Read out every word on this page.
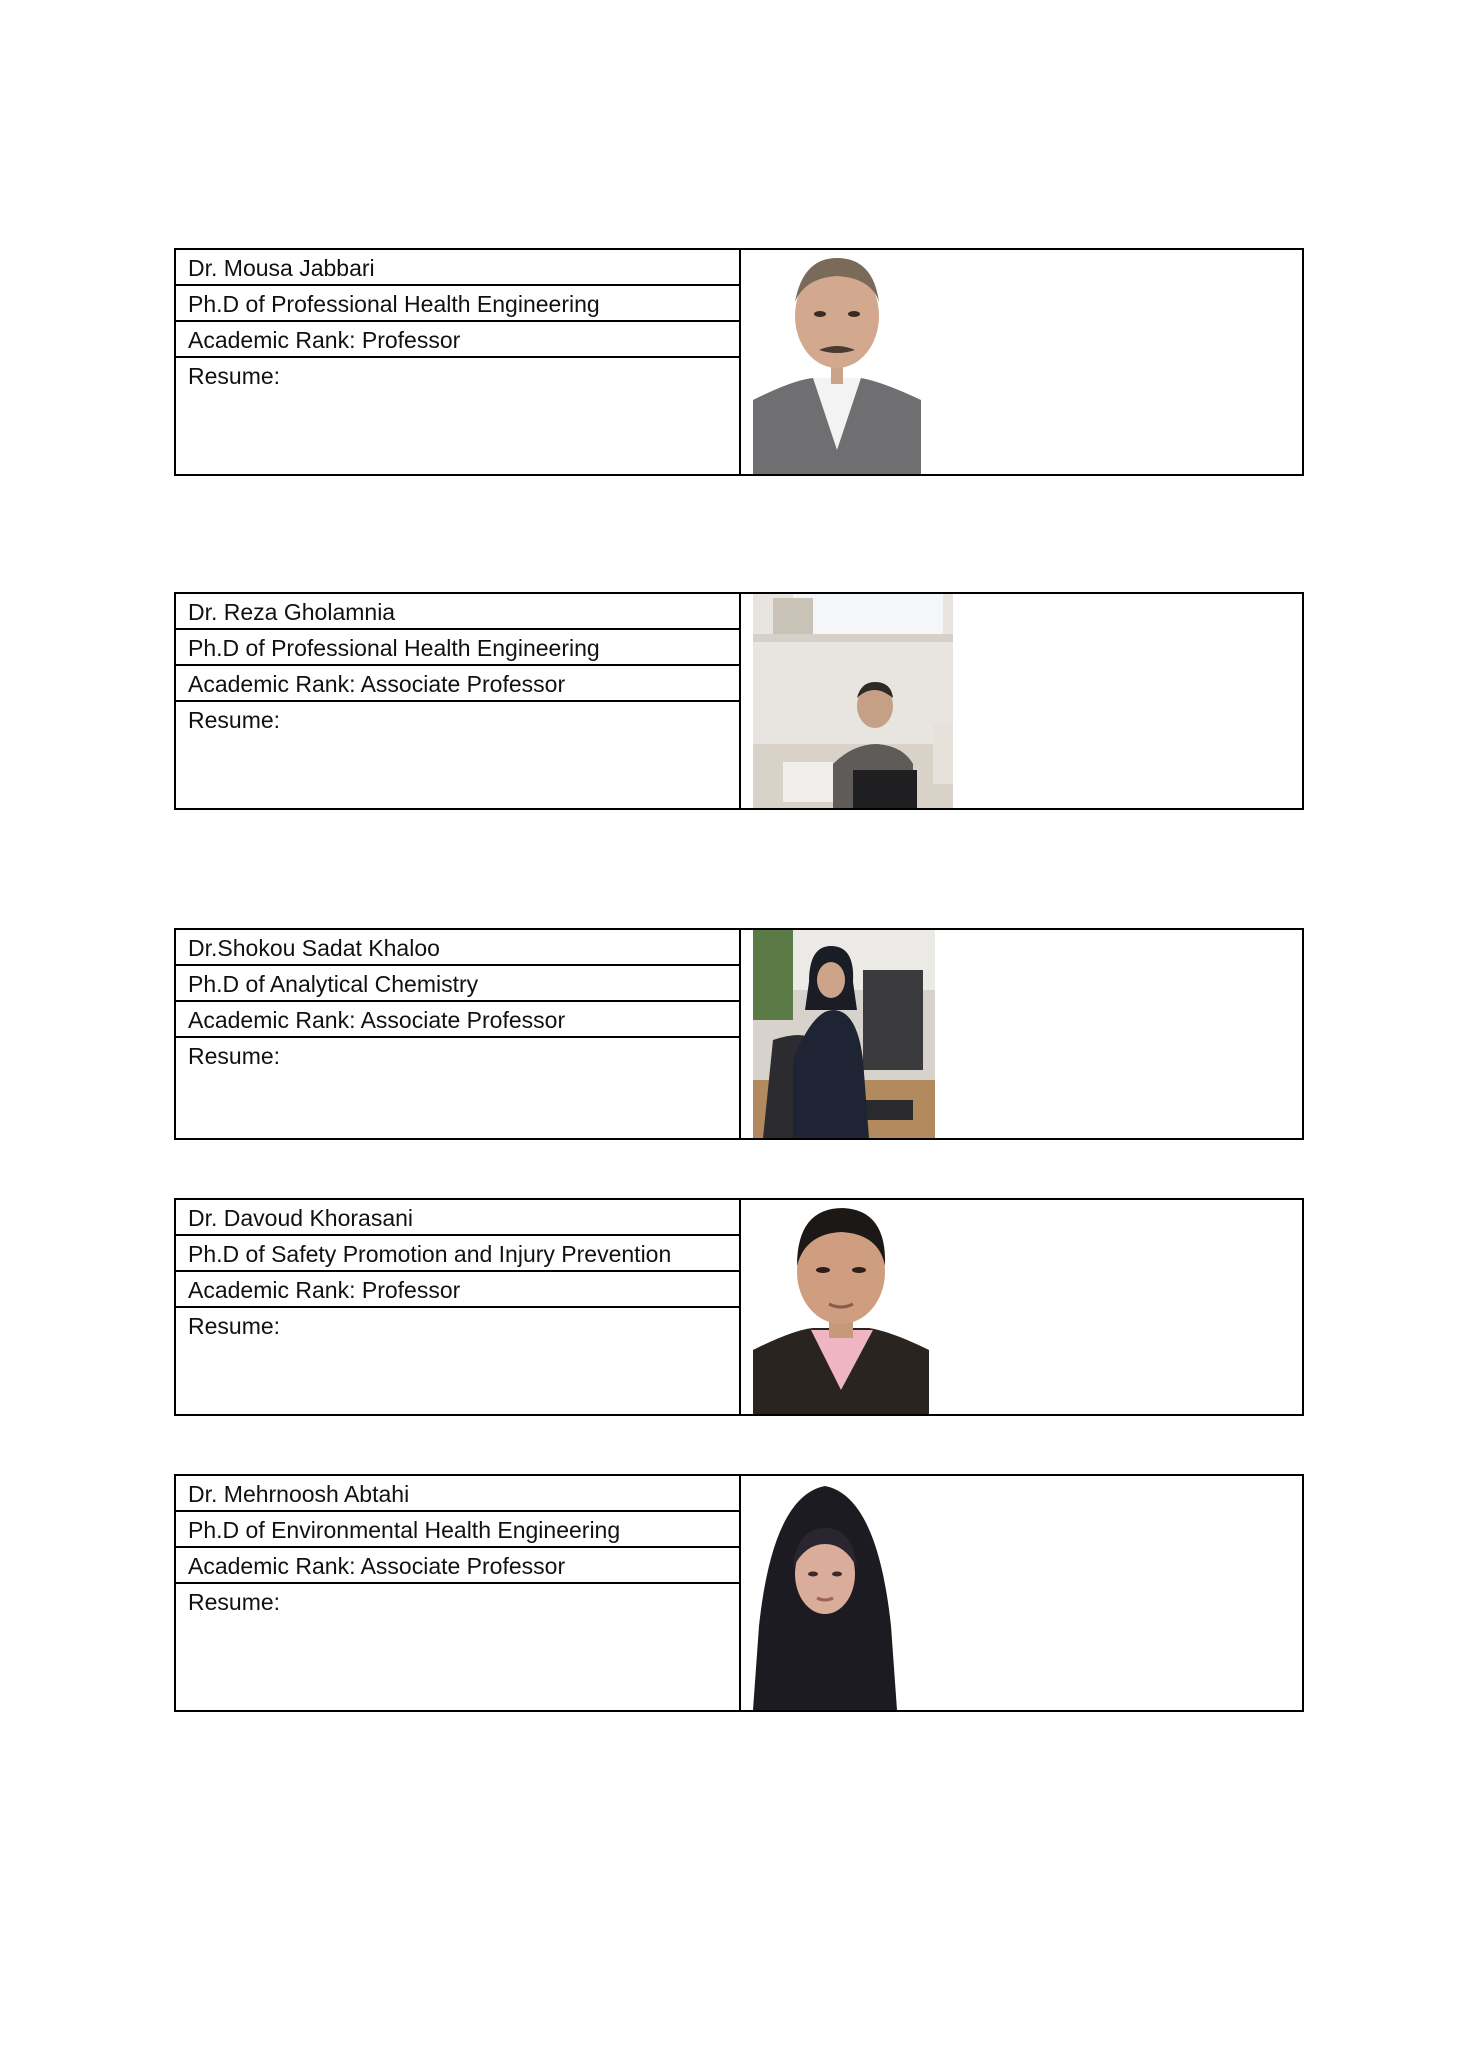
Dr. Mousa Jabbari
Ph.D of Professional Health Engineering
Academic Rank: Professor
Resume:
Dr. Reza Gholamnia
Ph.D of Professional Health Engineering
Academic Rank: Associate Professor
Resume:
Dr.Shokou Sadat Khaloo
Ph.D of Analytical Chemistry
Academic Rank: Associate Professor
Resume:
Dr. Davoud Khorasani
Ph.D of Safety Promotion and Injury Prevention
Academic Rank: Professor
Resume:
Dr. Mehrnoosh Abtahi
Ph.D of Environmental Health Engineering
Academic Rank: Associate Professor
Resume:
